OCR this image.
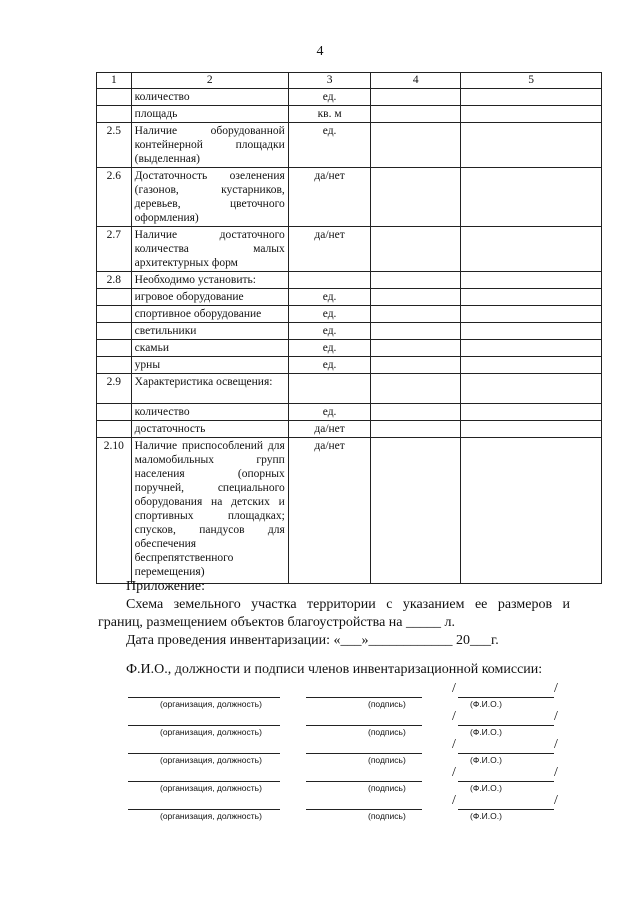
4
1	2	3	4	5
	количество	ед.		
	площадь	кв. м		
2.5	Наличие оборудованной контейнерной площадки (выделенная)	ед.		
2.6	Достаточность озеленения (газонов, кустарников, деревьев, цветочного оформления)	да/нет		
2.7	Наличие достаточного количества малых архитектурных форм	да/нет		
2.8	Необходимо установить:			
	игровое оборудование	ед.		
	спортивное оборудование	ед.		
	светильники	ед.		
	скамьи	ед.		
	урны	ед.		
2.9	Характеристика освещения:			
	количество	ед.		
	достаточность	да/нет		
2.10	Наличие приспособлений для маломобильных групп населения (опорных поручней, специального оборудования на детских и спортивных площадках; спусков, пандусов для обеспечения беспрепятственного перемещения)	да/нет		
Приложение:
Схема земельного участка территории с указанием ее размеров и
границ, размещением объектов благоустройства на _____ л.
Дата проведения инвентаризации: «___»____________ 20___г.
Ф.И.О., должности и подписи членов инвентаризационной комиссии:
/	/
(организация, должность)	(подпись)	(Ф.И.О.)
/	/
(организация, должность)	(подпись)	(Ф.И.О.)
/	/
(организация, должность)	(подпись)	(Ф.И.О.)
/	/
(организация, должность)	(подпись)	(Ф.И.О.)
/	/
(организация, должность)	(подпись)	(Ф.И.О.)
